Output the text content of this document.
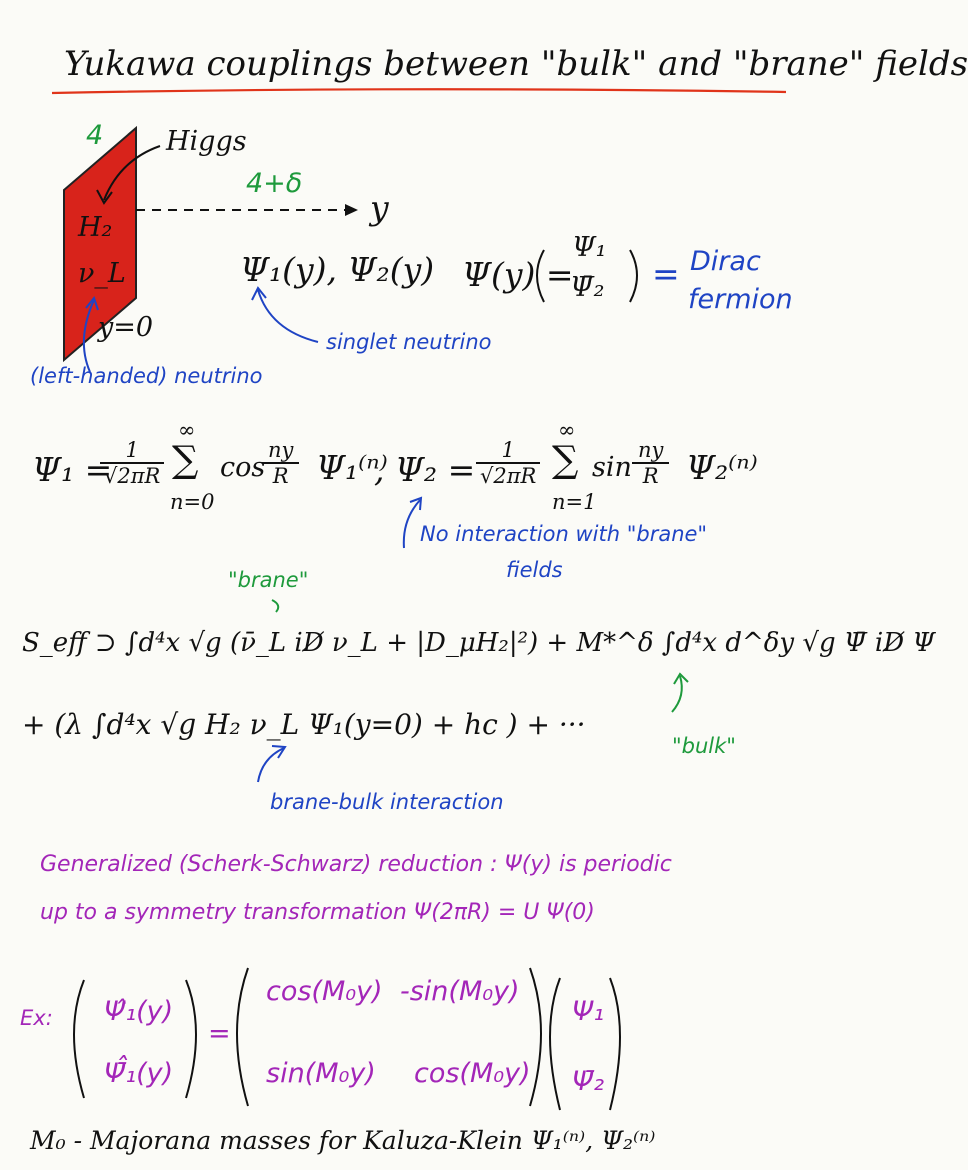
Yukawa couplings between "bulk" and "brane" fields
4 Higgs
4+δ
H₂
ν_L
y
y=0
(left-handed) neutrino
Ψ₁(y), Ψ₂(y)
singlet neutrino
Ψ(y) =
Ψ₁
Ψ̄₂ = Dirac
fermion
Ψ₁ =
$\frac{1}{√2\pi R}$
∞
∑
n=0
cos
$\frac{ny}{R} \Psi_1^{(n)}$
, $\Psi_2 = \frac{1}{√2\pi R}$
∞
∑
n=1
$\sin \frac{ny}{R} \Psi_2^{(n)}$
No interaction with "brane"
fields
"brane"
S_eff ⊃ ∫d⁴x √g (ν̄_L i𝐷̸ ν_L + |D_μH₂|²) + M*^δ ∫d⁴x d^δy √g Ψ̄ i𝐷̸ Ψ
+ (λ ∫d⁴x √g H₂ ν_L Ψ₁(y=0) + hc ) + ···
"bulk"
brane-bulk interaction
Generalized (Scherk-Schwarz) reduction : Ψ(y) is periodic
up to a symmetry transformation Ψ(2πR) = U Ψ(0)
Ex: Ψ̂₁(y)
Ψ̄̂₁(y)
=
cos(M₀y) -sin(M₀y)
sin(M₀y) cos(M₀y)
Ψ₁
Ψ̄₂
M₀ - Majorana masses for Kaluza-Klein Ψ₁⁽ⁿ⁾, Ψ₂⁽ⁿ⁾
